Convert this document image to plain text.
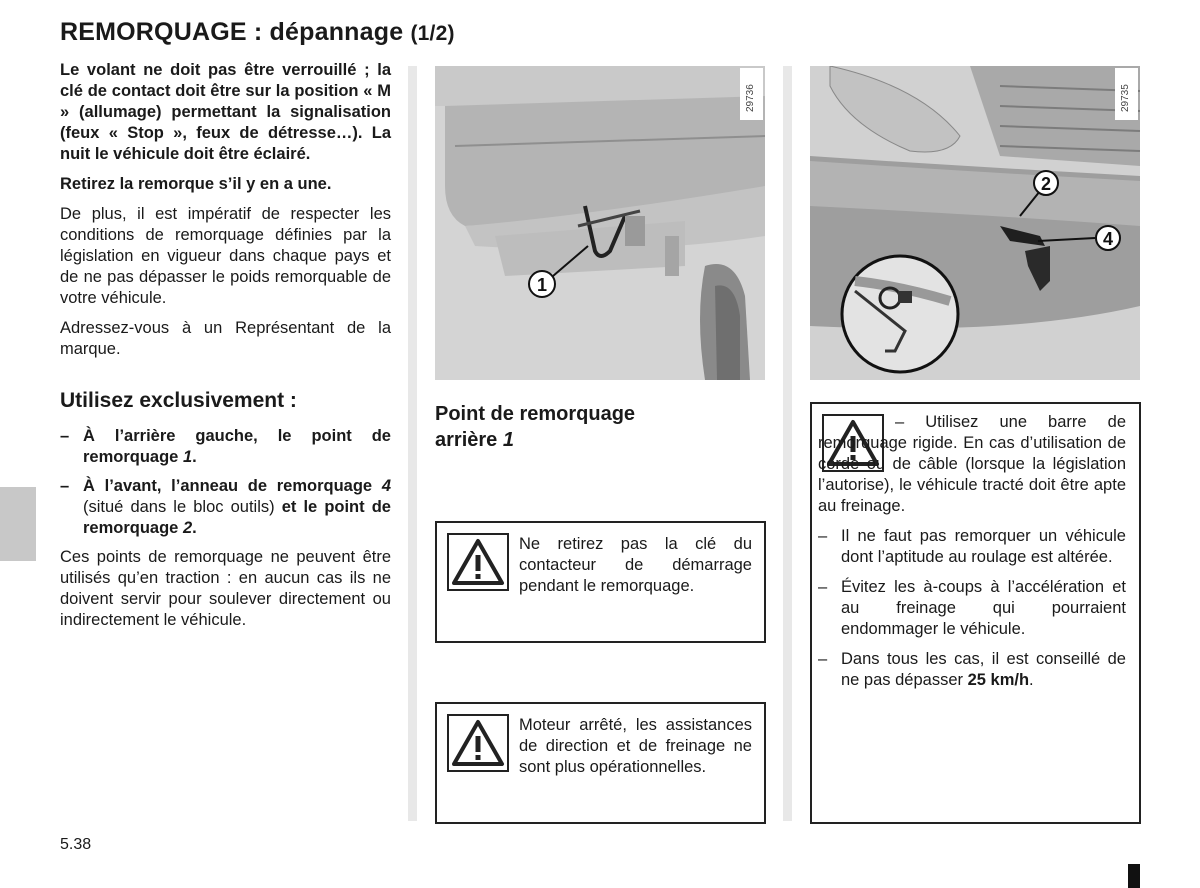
REMORQUAGE : dépannage (1/2)

Le volant ne doit pas être verrouillé ; la clé de contact doit être sur la position « M » (allumage) permettant la signalisation (feux « Stop », feux de détresse…). La nuit le véhicule doit être éclairé.

Retirez la remorque s’il y en a une.

De plus, il est impératif de respecter les conditions de remorquage définies par la législation en vigueur dans chaque pays et de ne pas dépasser le poids remorquable de votre véhicule.

Adressez-vous à un Représentant de la marque.

Utilisez exclusivement :
– À l’arrière gauche, le point de remorquage 1.
– À l’avant, l’anneau de remorquage 4 (situé dans le bloc outils) et le point de remorquage 2.

Ces points de remorquage ne peuvent être utilisés qu’en traction : en aucun cas ils ne doivent servir pour soulever directement ou indirectement le véhicule.

1
29736
2
4
29735
Point de remorquage
arrière 1
Ne retirez pas la clé du contacteur de démarrage pendant le remorquage.
Moteur arrêté, les assistances de direction et de freinage ne sont plus opérationnelles.
– Utilisez une barre de remorquage rigide. En cas d’utilisation de corde ou de câble (lorsque la législation l’autorise), le véhicule tracté doit être apte au freinage.
– Il ne faut pas remorquer un véhicule dont l’aptitude au roulage est altérée.
– Évitez les à-coups à l’accélération et au freinage qui pourraient endommager le véhicule.
– Dans tous les cas, il est conseillé de ne pas dépasser 25 km/h.
5.38
